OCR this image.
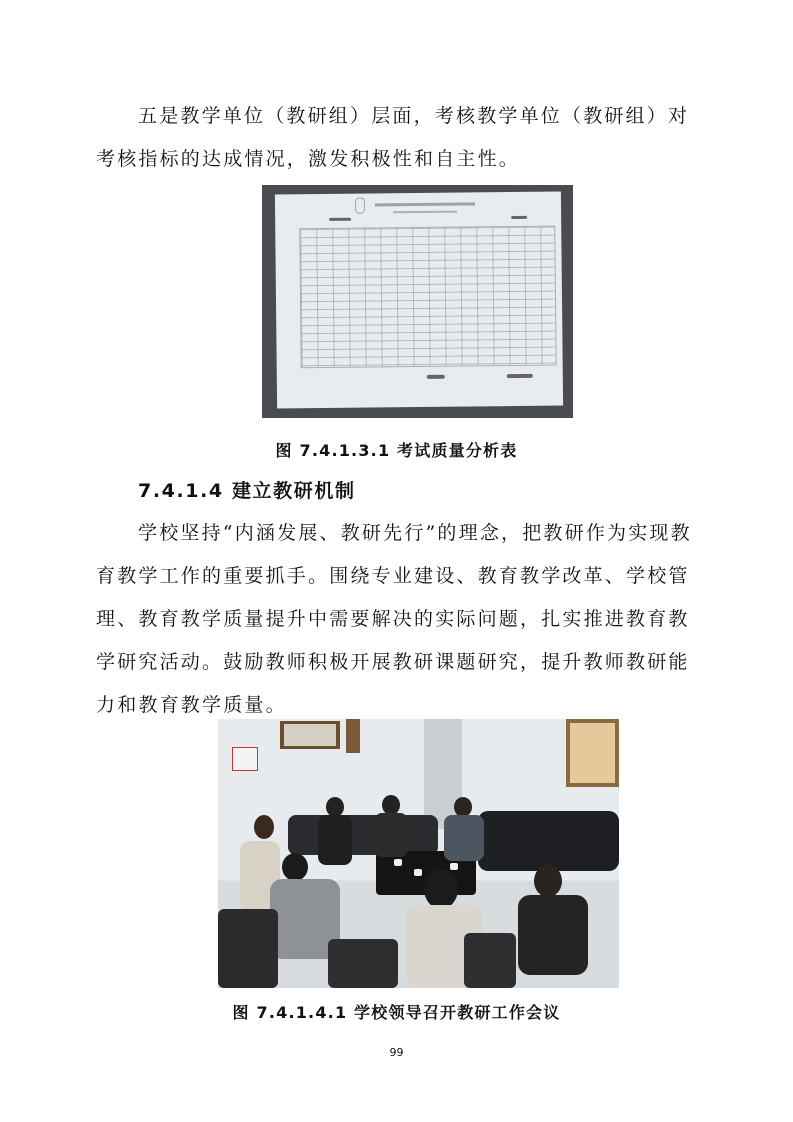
五是教学单位（教研组）层面，考核教学单位（教研组）对考核指标的达成情况，激发积极性和自主性。

图 7.4.1.3.1 考试质量分析表
7.4.1.4 建立教研机制

学校坚持“内涵发展、教研先行”的理念，把教研作为实现教育教学工作的重要抓手。围绕专业建设、教育教学改革、学校管理、教育教学质量提升中需要解决的实际问题，扎实推进教育教学研究活动。鼓励教师积极开展教研课题研究，提升教师教研能力和教育教学质量。

图 7.4.1.4.1 学校领导召开教研工作会议
99
